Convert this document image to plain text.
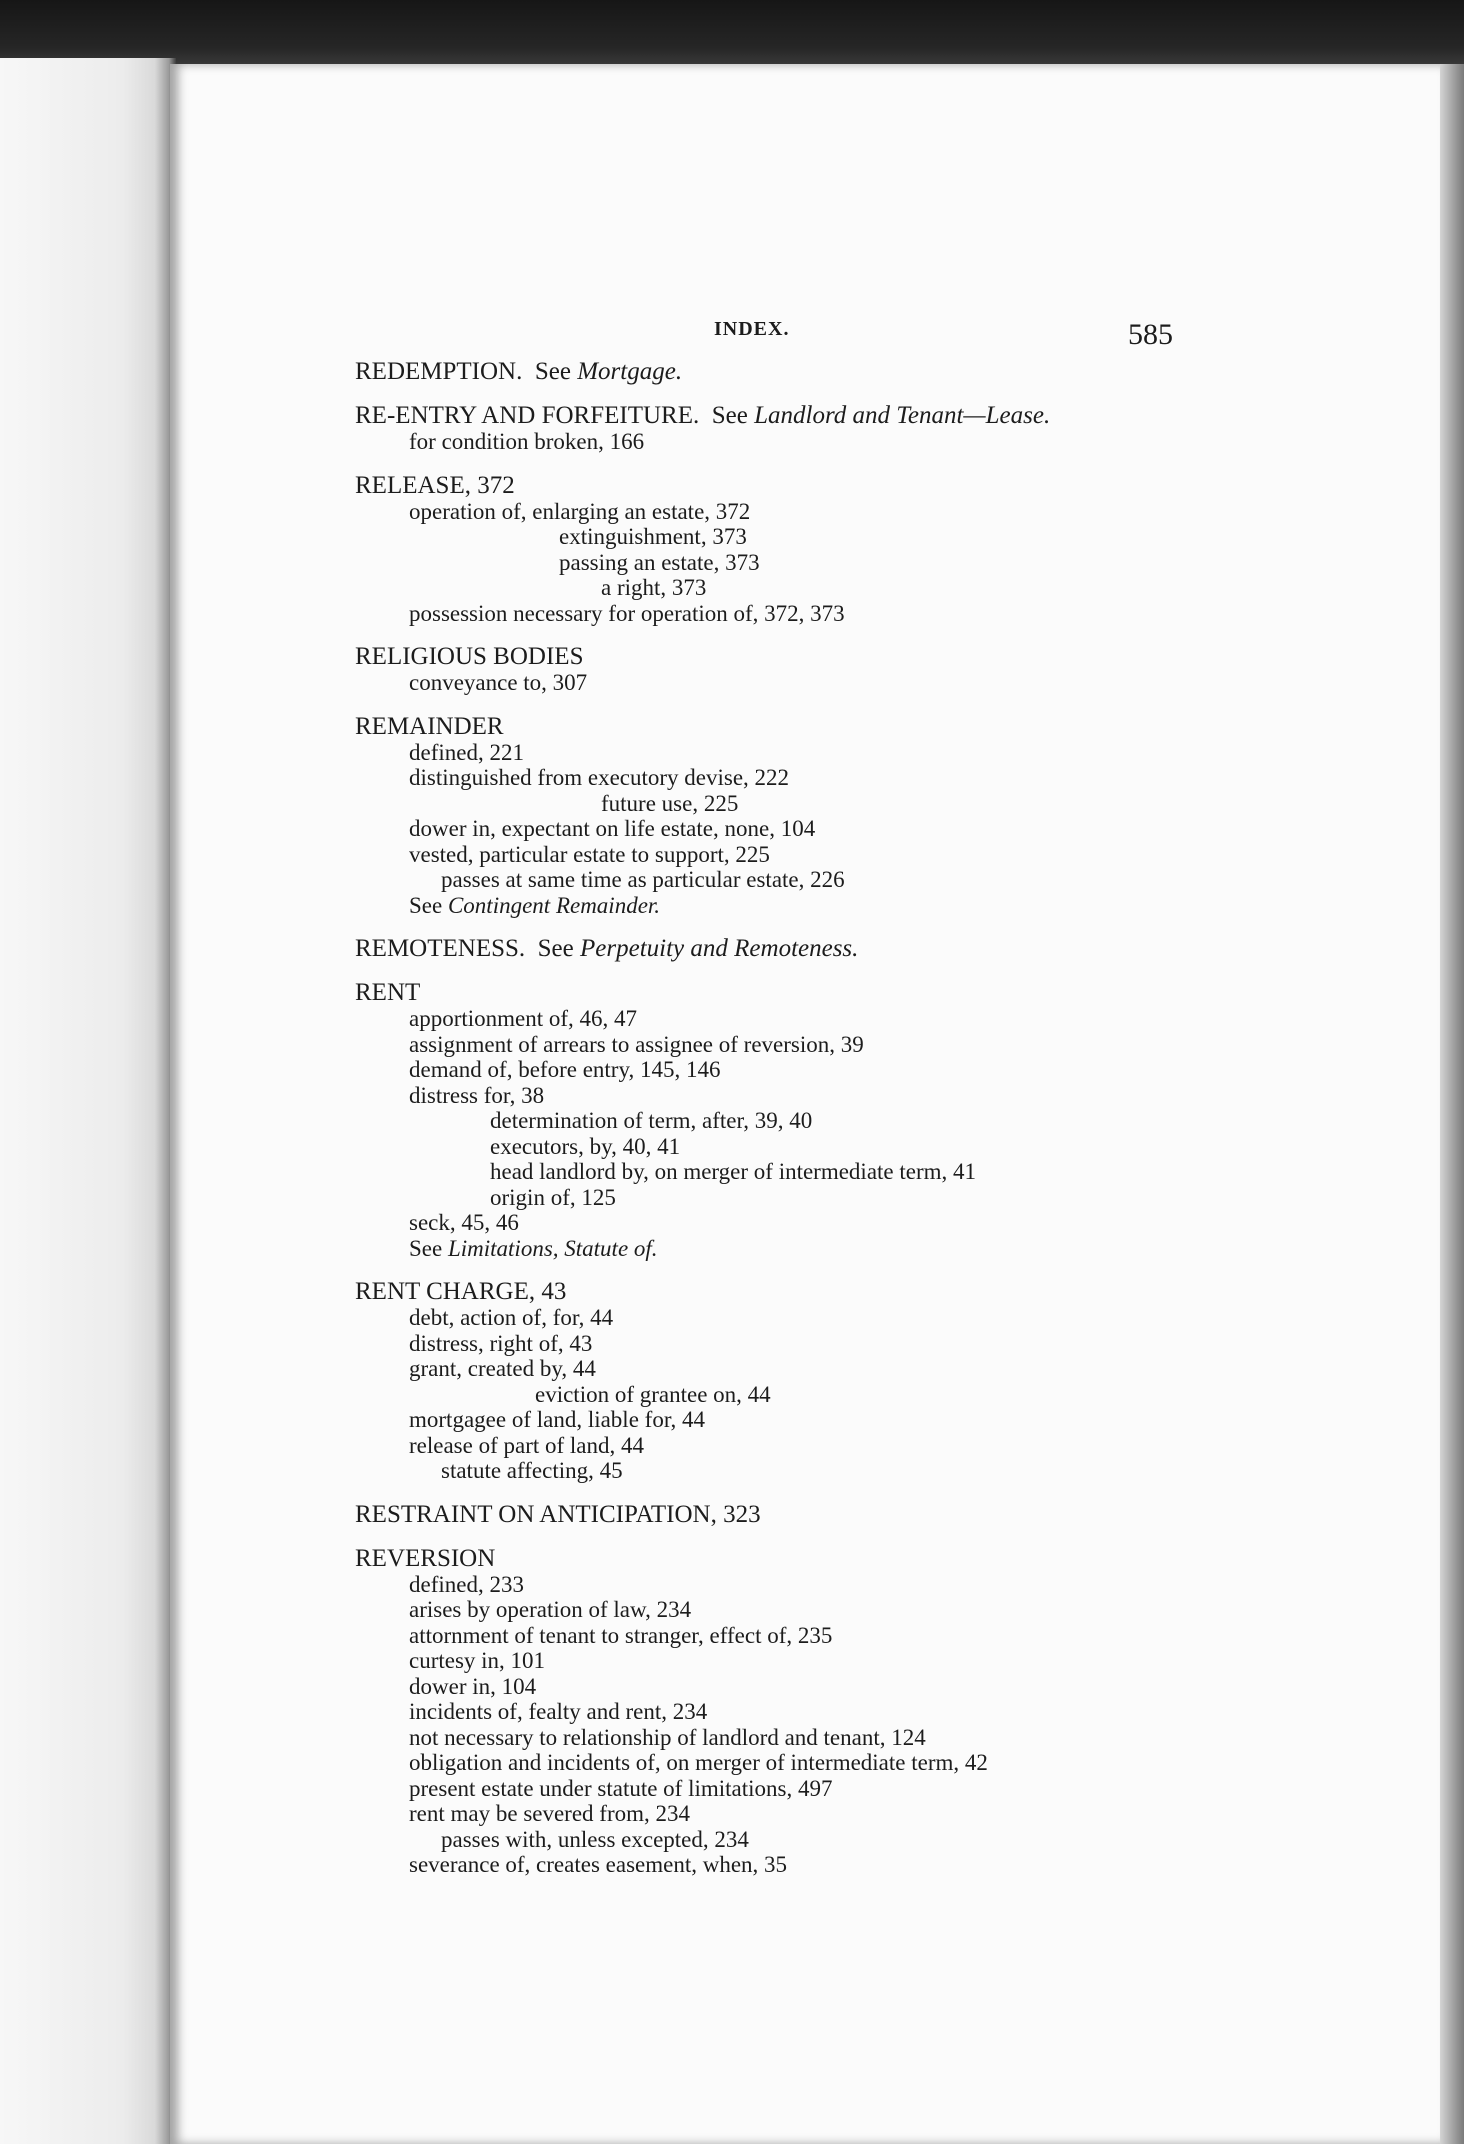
INDEX.	585
REDEMPTION. See Mortgage.
RE-ENTRY AND FORFEITURE. See Landlord and Tenant—Lease.
for condition broken, 166
RELEASE, 372
operation of, enlarging an estate, 372
extinguishment, 373
passing an estate, 373
a right, 373
possession necessary for operation of, 372, 373
RELIGIOUS BODIES
conveyance to, 307
REMAINDER
defined, 221
distinguished from executory devise, 222
future use, 225
dower in, expectant on life estate, none, 104
vested, particular estate to support, 225
passes at same time as particular estate, 226
See Contingent Remainder.
REMOTENESS. See Perpetuity and Remoteness.
RENT
apportionment of, 46, 47
assignment of arrears to assignee of reversion, 39
demand of, before entry, 145, 146
distress for, 38
determination of term, after, 39, 40
executors, by, 40, 41
head landlord by, on merger of intermediate term, 41
origin of, 125
seck, 45, 46
See Limitations, Statute of.
RENT CHARGE, 43
debt, action of, for, 44
distress, right of, 43
grant, created by, 44
eviction of grantee on, 44
mortgagee of land, liable for, 44
release of part of land, 44
statute affecting, 45
RESTRAINT ON ANTICIPATION, 323
REVERSION
defined, 233
arises by operation of law, 234
attornment of tenant to stranger, effect of, 235
curtesy in, 101
dower in, 104
incidents of, fealty and rent, 234
not necessary to relationship of landlord and tenant, 124
obligation and incidents of, on merger of intermediate term, 42
present estate under statute of limitations, 497
rent may be severed from, 234
passes with, unless excepted, 234
severance of, creates easement, when, 35
